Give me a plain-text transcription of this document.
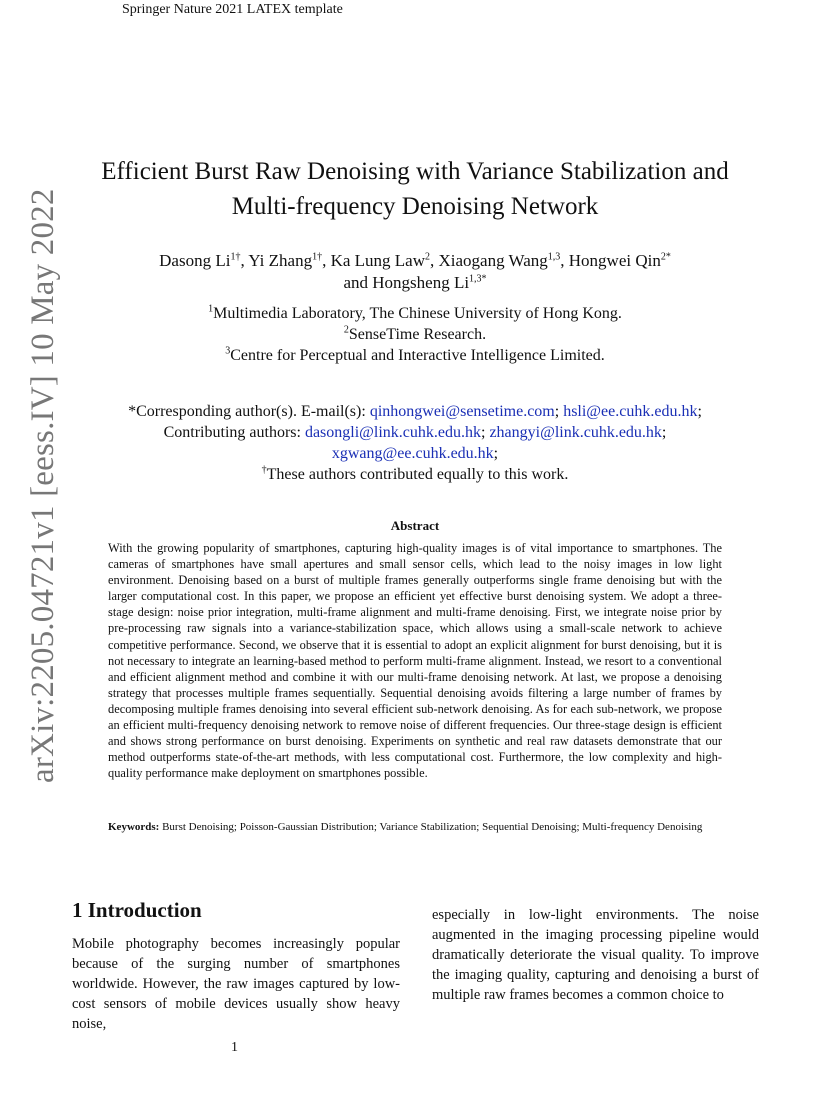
Springer Nature 2021 LATEX template
arXiv:2205.04721v1 [eess.IV] 10 May 2022
Efficient Burst Raw Denoising with Variance Stabilization and
Multi-frequency Denoising Network
Dasong $Li^{1\dagger}$, Yi Zhang$^{1\dagger}$, Ka Lung Law$^2$, Xiaogang Wang$^{1,3}$, Hongwei Qin$^{2*}$
and Hongsheng $Li^{1,3*}$
$^1$Multimedia Laboratory, The Chinese University of Hong Kong.
$^2$SenseTime Research.
$^3$Centre for Perceptual and Interactive Intelligence Limited.
*Corresponding author(s). E-mail(s): qinhongwei@sensetime.com; hsli@ee.cuhk.edu.hk;
Contributing authors: dasongli@link.cuhk.edu.hk; zhangyi@link.cuhk.edu.hk;
xgwang@ee.cuhk.edu.hk;
†These authors contributed equally to this work.
Abstract
With the growing popularity of smartphones, capturing high-quality images is of vital importance to smartphones. The cameras of smartphones have small apertures and small sensor cells, which lead to the noisy images in low light environment. Denoising based on a burst of multiple frames generally outperforms single frame denoising but with the larger computational cost. In this paper, we propose an efficient yet effective burst denoising system. We adopt a three-stage design: noise prior integration, multi-frame alignment and multi-frame denoising. First, we integrate noise prior by pre-processing raw signals into a variance-stabilization space, which allows using a small-scale network to achieve competitive performance. Second, we observe that it is essential to adopt an explicit alignment for burst denoising, but it is not necessary to integrate an learning-based method to perform multi-frame alignment. Instead, we resort to a conventional and efficient alignment method and combine it with our multi-frame denoising network. At last, we propose a denoising strategy that processes multiple frames sequentially. Sequential denoising avoids filtering a large number of frames by decomposing multiple frames denoising into several efficient sub-network denoising. As for each sub-network, we propose an efficient multi-frequency denoising network to remove noise of different frequencies. Our three-stage design is efficient and shows strong performance on burst denoising. Experiments on synthetic and real raw datasets demonstrate that our method outperforms state-of-the-art methods, with less computational cost. Furthermore, the low complexity and high-quality performance make deployment on smartphones possible.
Keywords: Burst Denoising; Poisson-Gaussian Distribution; Variance Stabilization; Sequential Denoising; Multi-frequency Denoising
1 Introduction
Mobile photography becomes increasingly popular because of the surging number of smartphones worldwide. However, the raw images captured by low-cost sensors of mobile devices usually show heavy noise,
especially in low-light environments. The noise augmented in the imaging processing pipeline would dramatically deteriorate the visual quality. To improve the imaging quality, capturing and denoising a burst of multiple raw frames becomes a common choice to
1
